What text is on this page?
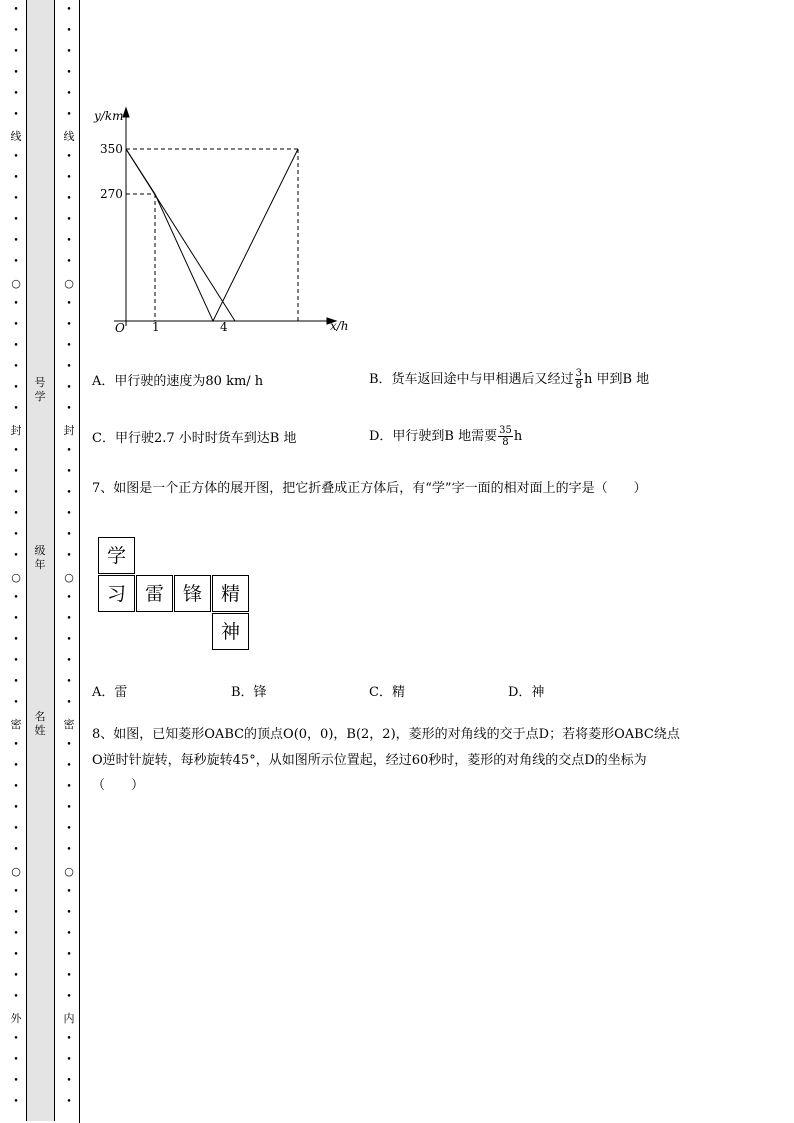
•
•
•
•
•
•
线
•
•
•
•
•
•
○
•
•
•
•
•
•
封
•
•
•
•
•
•
○
•
•
•
•
•
•
密
•
•
•
•
•
•
○
•
•
•
•
•
•
外
•
•
•
•
•
•
•
•
•
•
线
•
•
•
•
•
•
○
•
•
•
•
•
•
封
•
•
•
•
•
•
○
•
•
•
•
•
•
密
•
•
•
•
•
•
○
•
•
•
•
•
•
内
•
•
•
•
号学
级年
名姓
y/km
350
270
O 1	4	x/h
A．甲行驶的速度为80 km/ h	B．货车返回途中与甲相遇后又经过 $\frac{3}{8}$ h 甲到B 地
C．甲行驶2.7 小时时货车到达B 地	D．甲行驶到B 地需要 $\frac{35}{8}$ h
7、如图是一个正方体的展开图，把它折叠成正方体后，有“学”字一面的相对面上的字是（　　）
学
习 雷 锋 精
神
A．雷	B．锋	C．精	D．神
8、如图，已知菱形OABC的顶点O(0，0)，B(2，2)，菱形的对角线的交于点D；若将菱形OABC绕点
O逆时针旋转，每秒旋转45°，从如图所示位置起，经过60秒时，菱形的对角线的交点D的坐标为
（　　）
